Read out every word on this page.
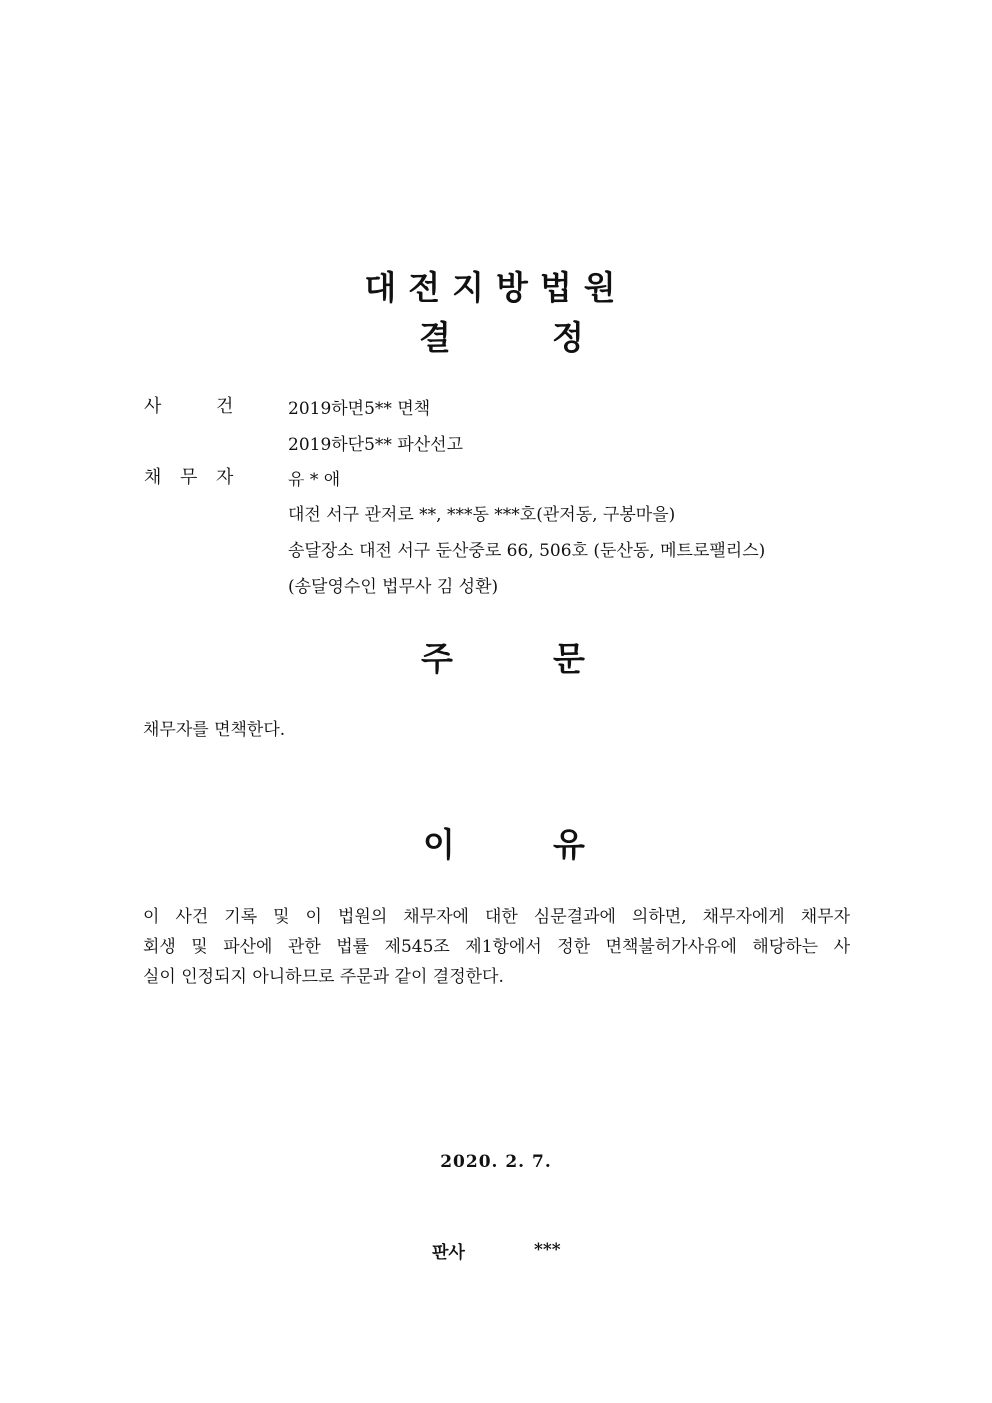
대전지방법원
결	정
사	건	2019하면5** 면책
2019하단5** 파산선고
채 무 자	유 * 애
대전 서구 관저로 **, ***동 ***호(관저동, 구봉마을)
송달장소 대전 서구 둔산중로 66, 506호 (둔산동, 메트로팰리스)
(송달영수인 법무사 김 성환)
주	문
채무자를 면책한다.
이	유
이 사건 기록 및 이 법원의 채무자에 대한 심문결과에 의하면, 채무자에게 채무자
회생 및 파산에 관한 법률 제545조 제1항에서 정한 면책불허가사유에 해당하는 사
실이 인정되지 아니하므로 주문과 같이 결정한다.
2020. 2. 7.
판사	***
